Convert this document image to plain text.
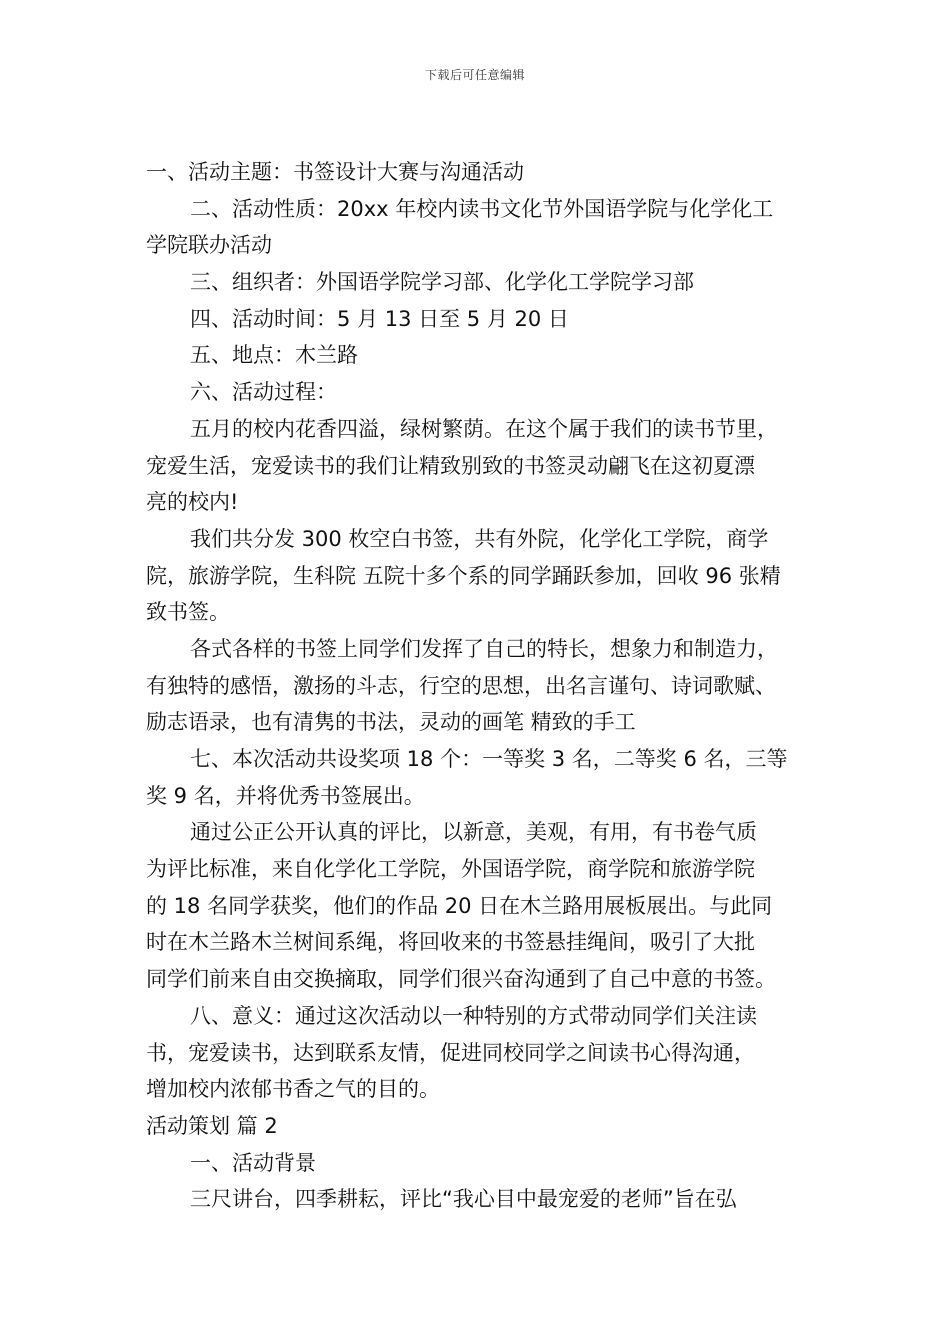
下载后可任意编辑
一、活动主题：书签设计大赛与沟通活动
二、活动性质：20xx 年校内读书文化节外国语学院与化学化工
学院联办活动
三、组织者：外国语学院学习部、化学化工学院学习部
四、活动时间：5 月 13 日至 5 月 20 日
五、地点：木兰路
六、活动过程：
五月的校内花香四溢，绿树繁荫。在这个属于我们的读书节里，
宠爱生活，宠爱读书的我们让精致别致的书签灵动翩飞在这初夏漂
亮的校内!
我们共分发 300 枚空白书签，共有外院，化学化工学院，商学
院，旅游学院，生科院 五院十多个系的同学踊跃参加，回收 96 张精
致书签。
各式各样的书签上同学们发挥了自己的特长，想象力和制造力，
有独特的感悟，激扬的斗志，行空的思想，出名言谨句、诗词歌赋、
励志语录，也有清隽的书法，灵动的画笔 精致的手工
七、本次活动共设奖项 18 个：一等奖 3 名，二等奖 6 名，三等
奖 9 名，并将优秀书签展出。
通过公正公开认真的评比，以新意，美观，有用，有书卷气质
为评比标准，来自化学化工学院，外国语学院，商学院和旅游学院
的 18 名同学获奖，他们的作品 20 日在木兰路用展板展出。与此同
时在木兰路木兰树间系绳，将回收来的书签悬挂绳间，吸引了大批
同学们前来自由交换摘取，同学们很兴奋沟通到了自己中意的书签。
八、意义：通过这次活动以一种特别的方式带动同学们关注读
书，宠爱读书，达到联系友情，促进同校同学之间读书心得沟通，
增加校内浓郁书香之气的目的。
活动策划 篇 2
一、活动背景
三尺讲台，四季耕耘，评比“我心目中最宠爱的老师”旨在弘
